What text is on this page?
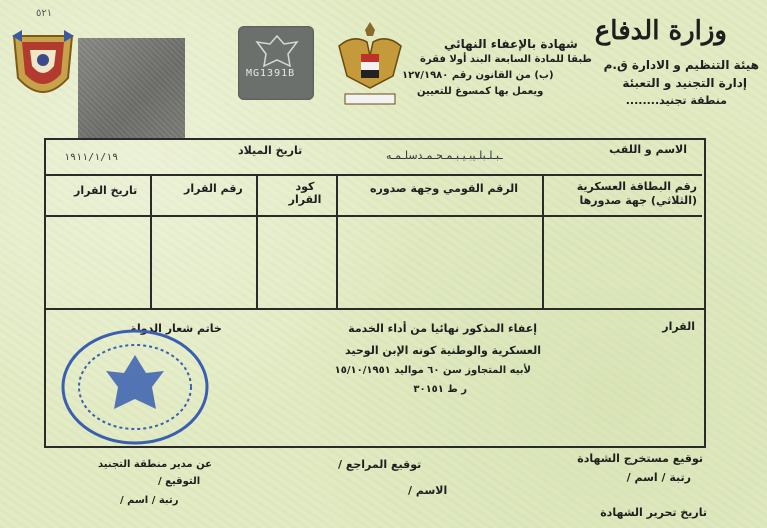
٥٢١
MG1391B
وزارة الدفاع
هيئة التنظيم و الادارة ق.م
إدارة التجنيد و التعبئة
منطقة تجنيد........
شهادة بالإعفاء النهائي
طبقا للمادة السابعة البند أولا فقرة
(ب) من القانون رقم ١٢٧/١٩٨٠
ويعمل بها كمسوغ للتعيين
الاسم و اللقب
ـبـلـبلـيبـيـبـمـحـمـدسلـمـه
تاريخ الميلاد
١٩١١/١/١٩
رقم البطاقة العسكرية (الثلاثي) جهة صدورها
الرقم القومي وجهة صدوره
كود القرار
رقم القرار
تاريخ القرار
القرار
إعفاء المذكور نهائيا من أداء الخدمة
العسكرية والوطنية كونه الإبن الوحيد
لأبيه المتجاوز سن ٦٠ مواليد ١٥/١٠/١٩٥١
ر ط ٣٠١٥١
خاتم شعار الدولة
توقيع مستخرج الشهادة
رتبة / اسم /
تاريخ تحرير الشهادة
توقيع المراجع /
الاسم /
عن مدير منطقة التجنيد
التوقيع /
رتبة / اسم /
